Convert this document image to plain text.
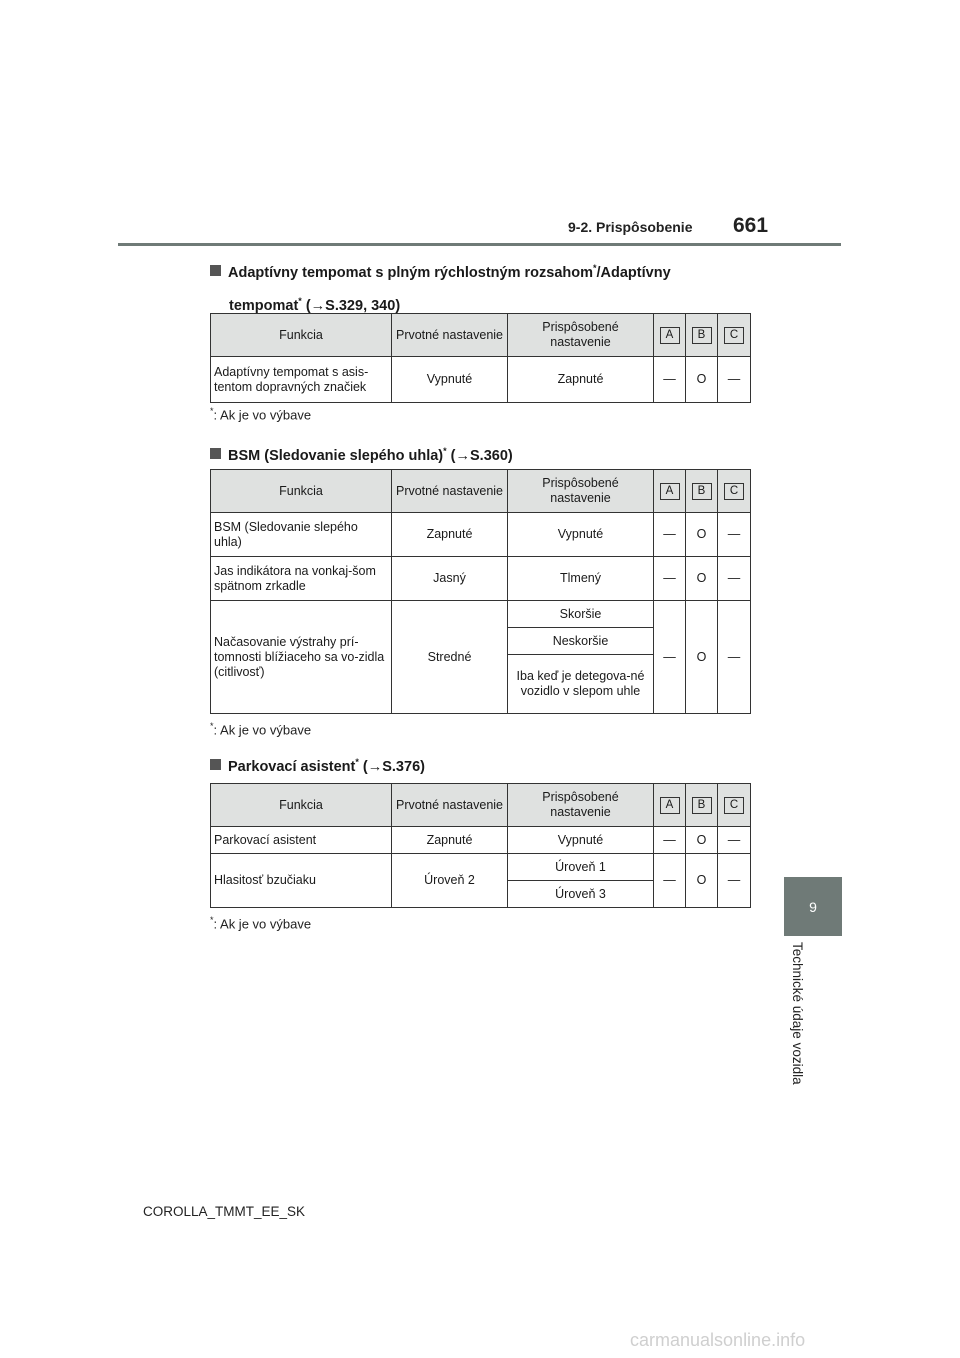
9-2. Prispôsobenie 661
9
Technické údaje vozidla
Adaptívny tempomat s plným rýchlostným rozsahom*/Adaptívny
tempomat* (→S.329, 340)
Funkcia	Prvotné nastavenie	Prispôsobené nastavenie	A	B	C
Adaptívny tempomat s asis-tentom dopravných značiek	Vypnuté	Zapnuté	—	O	—
*: Ak je vo výbave
BSM (Sledovanie slepého uhla)* (→S.360)
Funkcia	Prvotné nastavenie	Prispôsobené nastavenie	A	B	C
BSM (Sledovanie slepého uhla)	Zapnuté	Vypnuté	—	O	—
Jas indikátora na vonkaj-šom spätnom zrkadle	Jasný	Tlmený	—	O	—
Načasovanie výstrahy prí-tomnosti blížiaceho sa vo-zidla (citlivosť)	Stredné	Skoršie	—	O	—
		Neskoršie			
		Iba keď je detegova-né vozidlo v slepom uhle			
*: Ak je vo výbave
Parkovací asistent* (→S.376)
Funkcia	Prvotné nastavenie	Prispôsobené nastavenie	A	B	C
Parkovací asistent	Zapnuté	Vypnuté	—	O	—
Hlasitosť bzučiaku	Úroveň 2	Úroveň 1	—	O	—
		Úroveň 3			
*: Ak je vo výbave
COROLLA_TMMT_EE_SK
carmanualsonline.info
